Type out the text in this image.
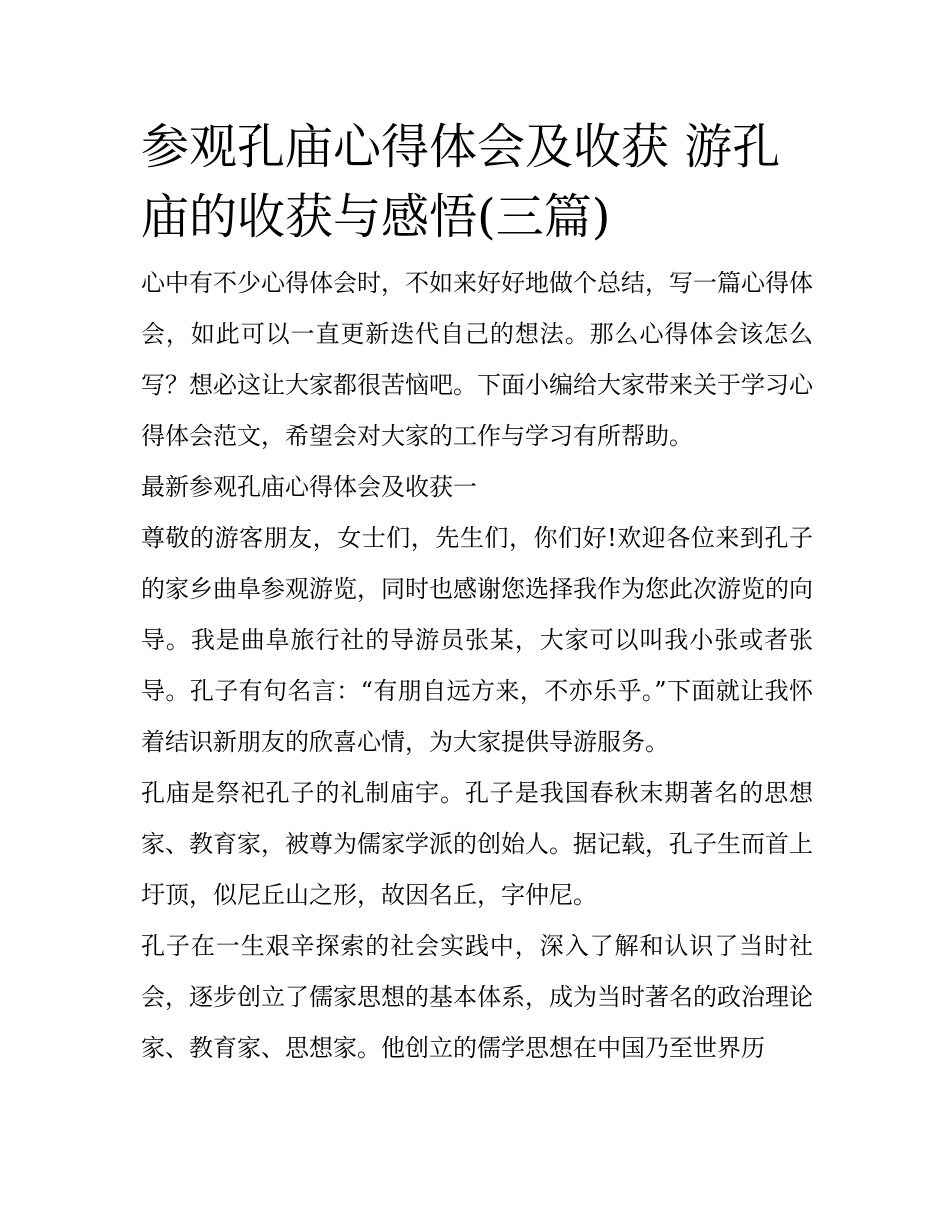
参观孔庙心得体会及收获 游孔庙的收获与感悟(三篇)

心中有不少心得体会时，不如来好好地做个总结，写一篇心得体会，如此可以一直更新迭代自己的想法。那么心得体会该怎么写？想必这让大家都很苦恼吧。下面小编给大家带来关于学习心得体会范文，希望会对大家的工作与学习有所帮助。

最新参观孔庙心得体会及收获一

尊敬的游客朋友，女士们，先生们，你们好!欢迎各位来到孔子的家乡曲阜参观游览，同时也感谢您选择我作为您此次游览的向导。我是曲阜旅行社的导游员张某，大家可以叫我小张或者张导。孔子有句名言：“有朋自远方来，不亦乐乎。”下面就让我怀着结识新朋友的欣喜心情，为大家提供导游服务。

孔庙是祭祀孔子的礼制庙宇。孔子是我国春秋末期著名的思想家、教育家，被尊为儒家学派的创始人。据记载，孔子生而首上圩顶，似尼丘山之形，故因名丘，字仲尼。

孔子在一生艰辛探索的社会实践中，深入了解和认识了当时社会，逐步创立了儒家思想的基本体系，成为当时著名的政治理论家、教育家、思想家。他创立的儒学思想在中国乃至世界历
